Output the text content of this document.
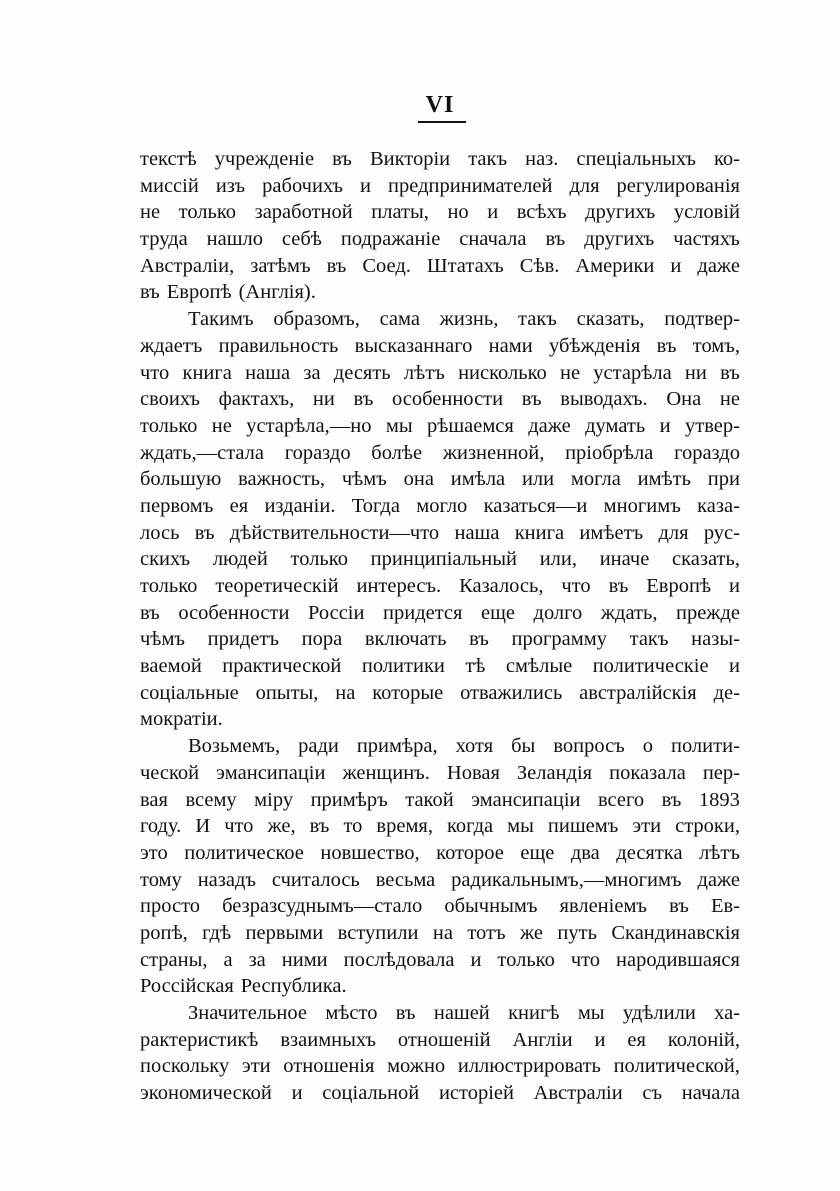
VI
текстѣ учрежденіе въ Викторіи такъ наз. спеціальныхъ ко-
миссій изъ рабочихъ и предпринимателей для регулированія
не только заработной платы, но и всѣхъ другихъ условій
труда нашло себѣ подражаніе сначала въ другихъ частяхъ
Австраліи, затѣмъ въ Соед. Штатахъ Сѣв. Америки и даже
въ Европѣ (Англія).
Такимъ образомъ, сама жизнь, такъ сказать, подтвер-
ждаетъ правильность высказаннаго нами убѣжденія въ томъ,
что книга наша за десять лѣтъ нисколько не устарѣла ни въ
своихъ фактахъ, ни въ особенности въ выводахъ. Она не
только не устарѣла,—но мы рѣшаемся даже думать и утвер-
ждать,—стала гораздо болѣе жизненной, пріобрѣла гораздо
большую важность, чѣмъ она имѣла или могла имѣть при
первомъ ея изданіи. Тогда могло казаться—и многимъ каза-
лось въ дѣйствительности—что наша книга имѣетъ для рус-
скихъ людей только принципіальный или, иначе сказать,
только теоретическій интересъ. Казалось, что въ Европѣ и
въ особенности Россіи придется еще долго ждать, прежде
чѣмъ придетъ пора включать въ программу такъ назы-
ваемой практической политики тѣ смѣлые политическіе и
соціальные опыты, на которые отважились австралійскія де-
мократіи.
Возьмемъ, ради примѣра, хотя бы вопросъ о полити-
ческой эмансипаціи женщинъ. Новая Зеландія показала пер-
вая всему міру примѣръ такой эмансипаціи всего въ 1893
году. И что же, въ то время, когда мы пишемъ эти строки,
это политическое новшество, которое еще два десятка лѣтъ
тому назадъ считалось весьма радикальнымъ,—многимъ даже
просто безразсуднымъ—стало обычнымъ явленіемъ въ Ев-
ропѣ, гдѣ первыми вступили на тотъ же путь Скандинавскія
страны, а за ними послѣдовала и только что народившаяся
Россійская Республика.
Значительное мѣсто въ нашей книгѣ мы удѣлили ха-
рактеристикѣ взаимныхъ отношеній Англіи и ея колоній,
поскольку эти отношенія можно иллюстрировать политической,
экономической и соціальной исторіей Австраліи съ начала
